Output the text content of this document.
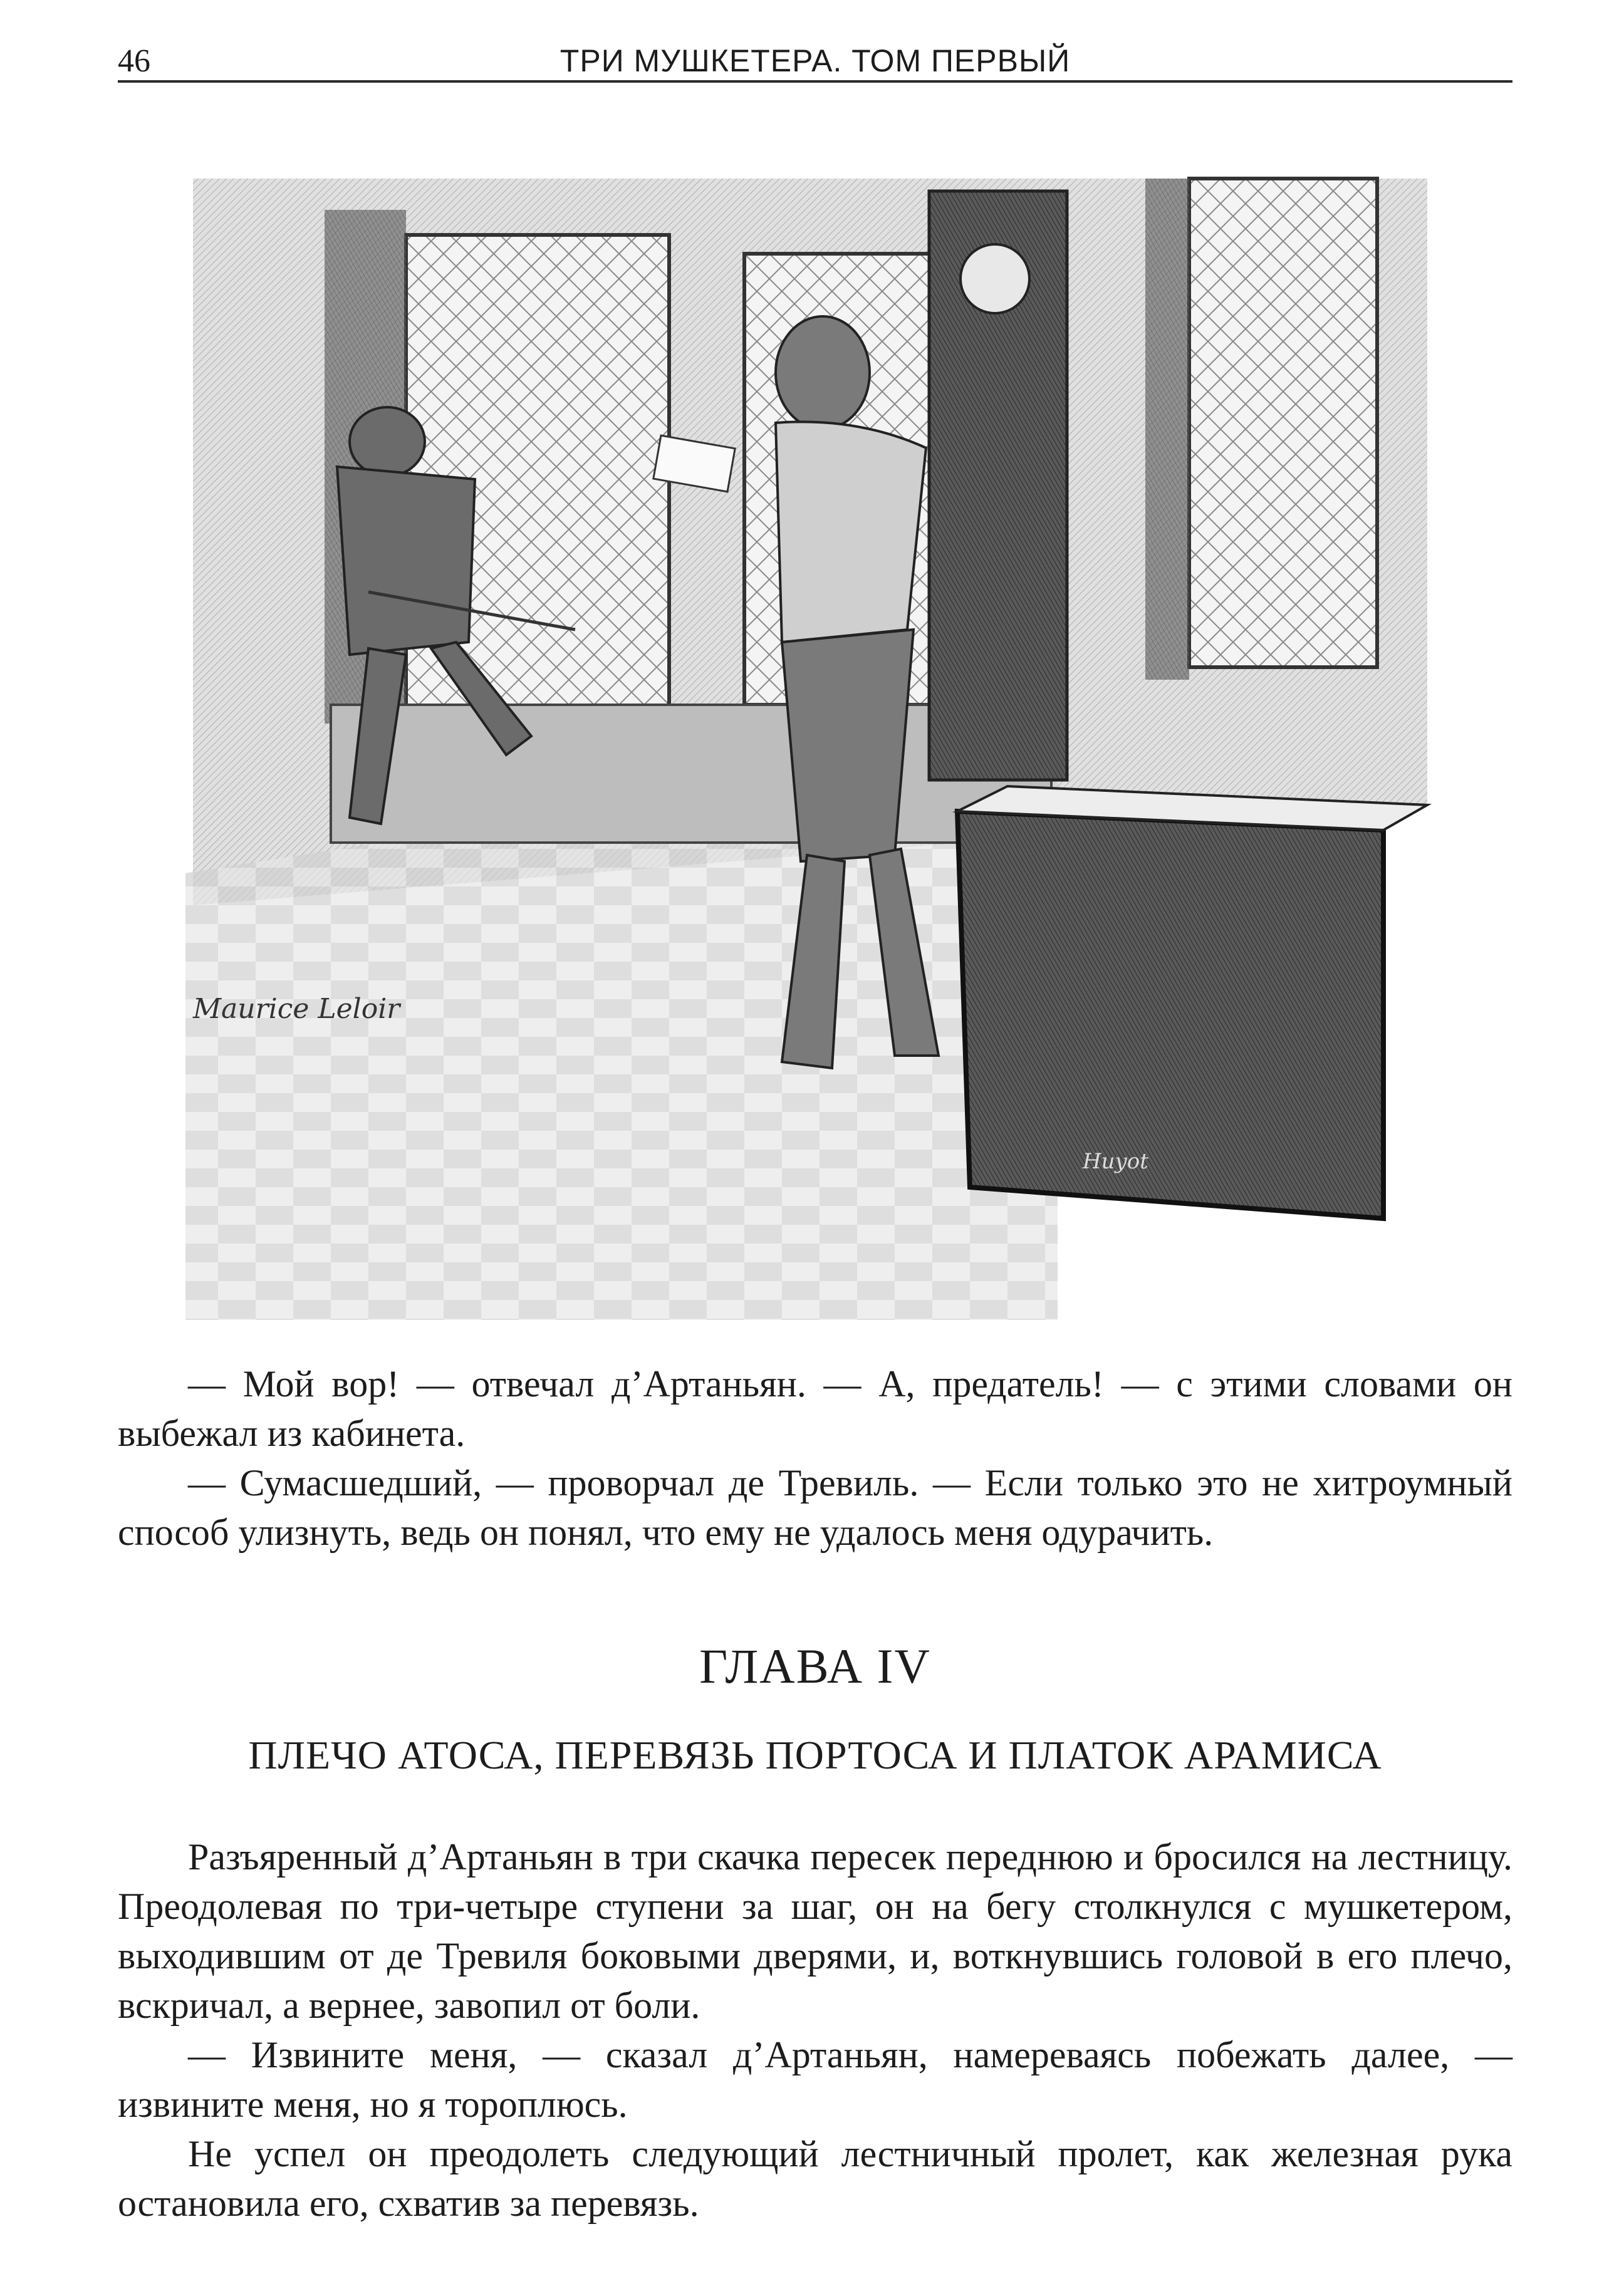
46	ТРИ МУШКЕТЕРА. ТОМ ПЕРВЫЙ
Maurice Leloir
Huyot

— Мой вор! — отвечал д’Артаньян. — А, предатель! — с этими словами он выбежал из кабинета.

— Сумасшедший, — проворчал де Тревиль. — Если только это не хитроумный способ улизнуть, ведь он понял, что ему не удалось меня одурачить.

ГЛАВА IV
ПЛЕЧО АТОСА, ПЕРЕВЯЗЬ ПОРТОСА И ПЛАТОК АРАМИСА

Разъяренный д’Артаньян в три скачка пересек переднюю и бросился на лестницу. Преодолевая по три-четыре ступени за шаг, он на бегу столкнулся с мушкетером, выходившим от де Тревиля боковыми дверями, и, воткнувшись головой в его плечо, вскричал, а вернее, завопил от боли.

— Извините меня, — сказал д’Артаньян, намереваясь побежать далее, — извините меня, но я тороплюсь.

Не успел он преодолеть следующий лестничный пролет, как железная рука остановила его, схватив за перевязь.
